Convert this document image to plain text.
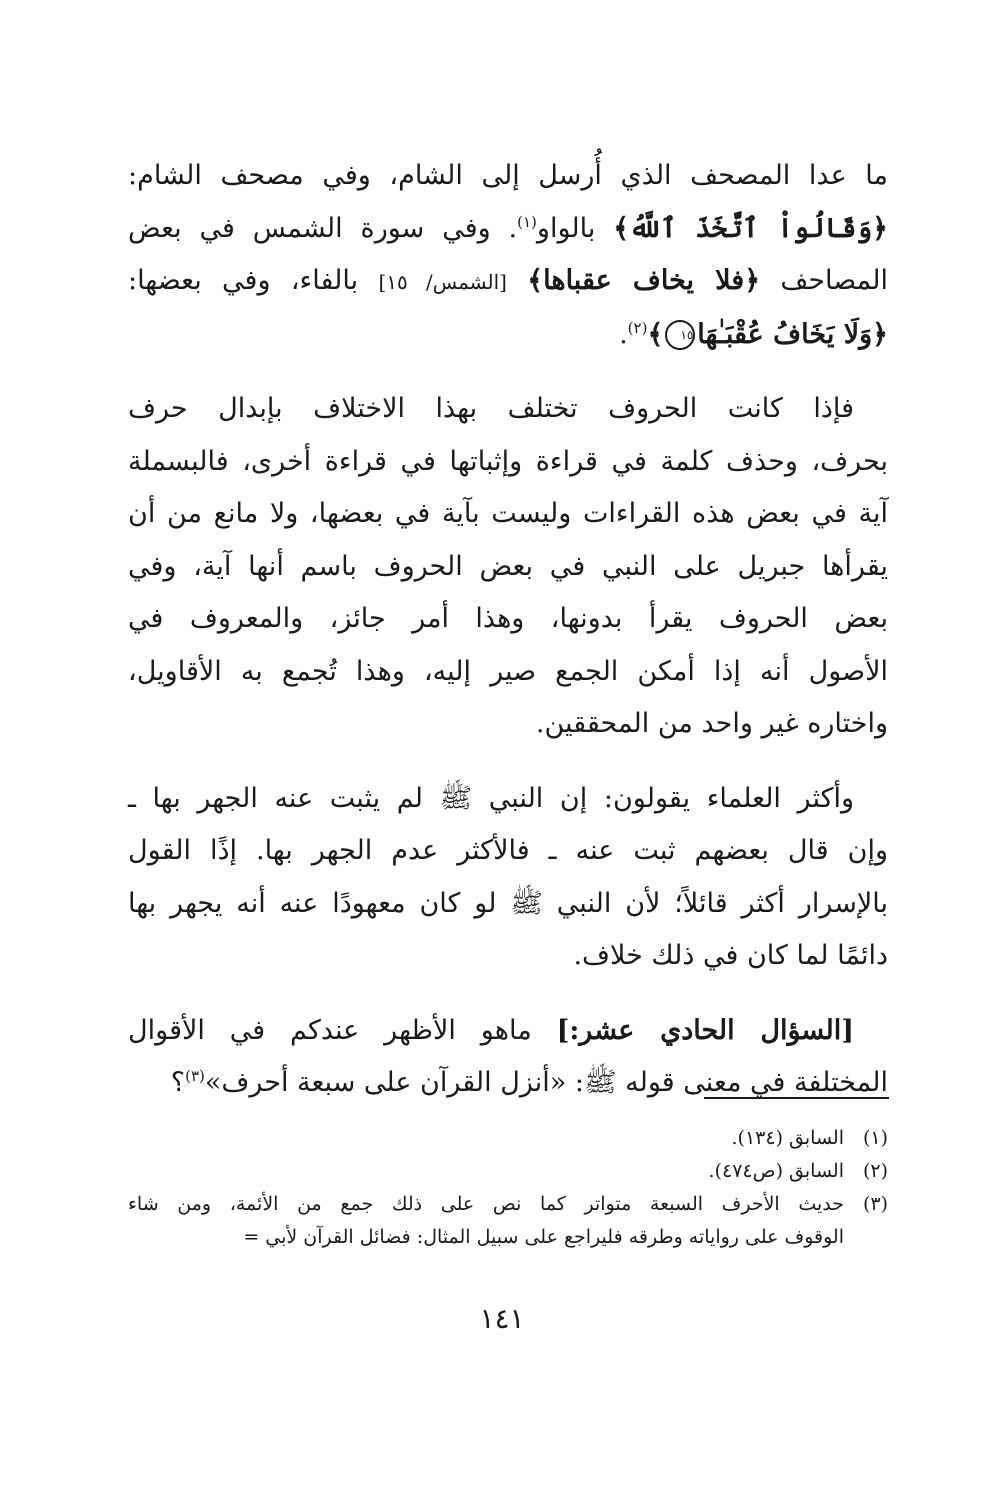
ما عدا المصحف الذي أُرسل إلى الشام، وفي مصحف الشام:
﴿وَقَالُواْ ٱتَّخَذَ ٱللَّهُ﴾ بالواو$^{(١)}$. وفي سورة الشمس في بعض
المصاحف ﴿فلا يخاف عقباها﴾ [الشمس/ ١٥] بالفاء، وفي بعضها:
﴿وَلَا يَخَافُ عُقْبَـٰهَا١٥﴾$^{(٢)}$.

فإذا كانت الحروف تختلف بهذا الاختلاف بإبدال حرف
بحرف، وحذف كلمة في قراءة وإثباتها في قراءة أخرى، فالبسملة
آية في بعض هذه القراءات وليست بآية في بعضها، ولا مانع من أن
يقرأها جبريل على النبي في بعض الحروف باسم أنها آية، وفي
بعض الحروف يقرأ بدونها، وهذا أمر جائز، والمعروف في
الأصول أنه إذا أمكن الجمع صير إليه، وهذا تُجمع به الأقاويل،
واختاره غير واحد من المحققين.

وأكثر العلماء يقولون: إن النبي ﷺ لم يثبت عنه الجهر بها ـ
وإن قال بعضهم ثبت عنه ـ فالأكثر عدم الجهر بها. إذًا القول
بالإسرار أكثر قائلاً؛ لأن النبي ﷺ لو كان معهودًا عنه أنه يجهر بها
دائمًا لما كان في ذلك خلاف.

[السؤال الحادي عشر:] ماهو الأظهر عندكم في الأقوال
المختلفة في معنى قوله ﷺ: «أنزل القرآن على سبعة أحرف»$^{(٣)}$؟

(١)
السابق (١٣٤).
(٢)
السابق (ص٤٧٤).
(٣)
حديث الأحرف السبعة متواتر كما نص على ذلك جمع من الأئمة، ومن شاء
الوقوف على رواياته وطرقه فليراجع على سبيل المثال: فضائل القرآن لأبي =
١٤١
